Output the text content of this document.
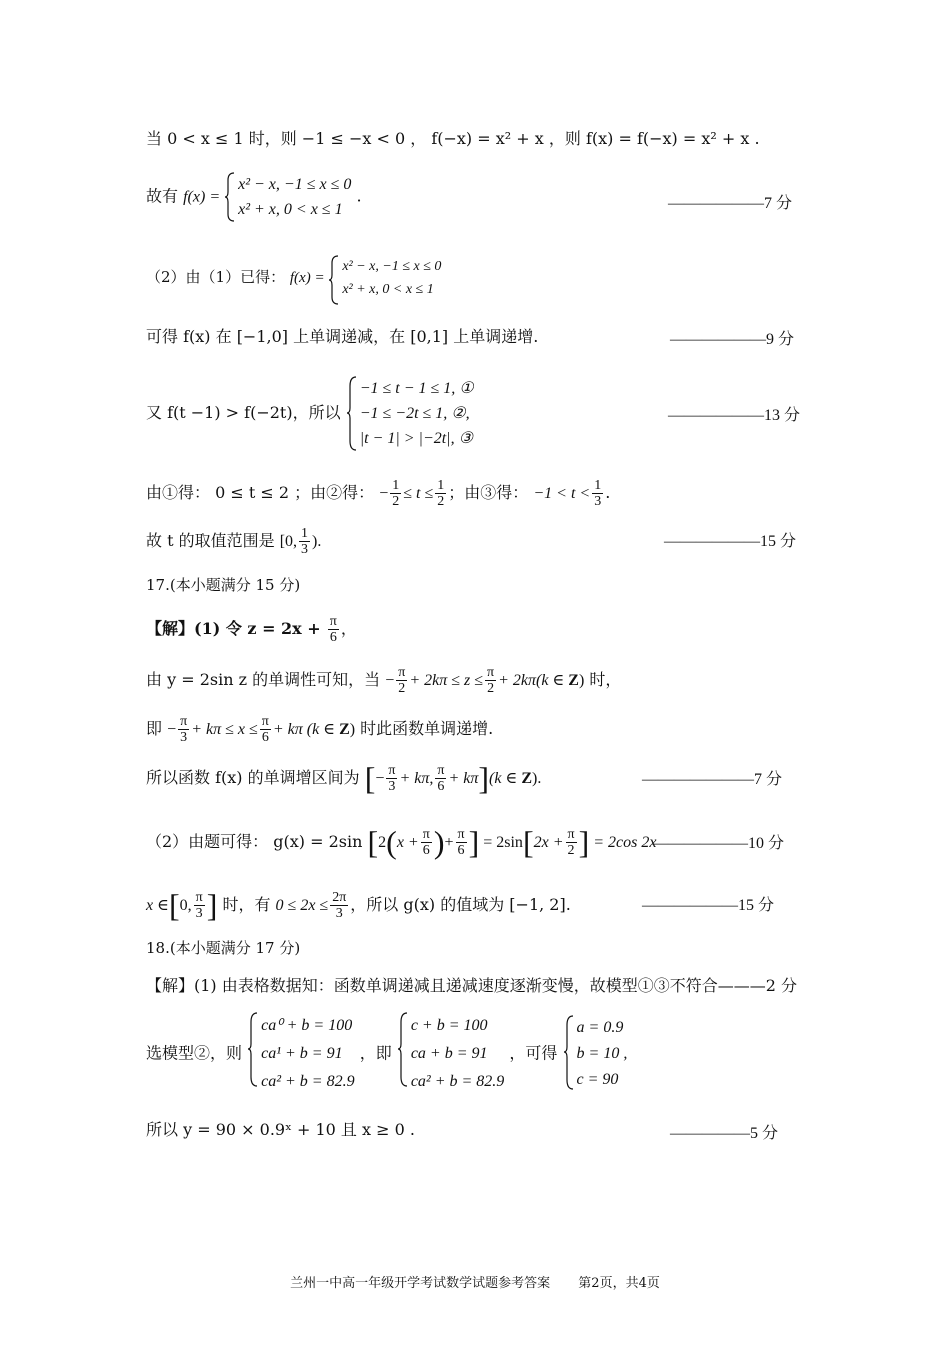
当 0 < x ≤ 1 时，则 −1 ≤ −x < 0 ， f(−x) = x² + x ，则 f(x) = f(−x) = x² + x .
故有 f(x) =
x² − x, −1 ≤ x ≤ 0
x² + x, 0 < x ≤ 1
.	——————7 分
（2）由（1）已得： f(x) =
x² − x, −1 ≤ x ≤ 0
x² + x, 0 < x ≤ 1
可得 f(x) 在 [−1,0] 上单调递减，在 [0,1] 上单调递增.	——————9 分
又 f(t −1) > f(−2t)，所以
−1 ≤ t − 1 ≤ 1, ①
−1 ≤ −2t ≤ 1, ②,
|t − 1| > |−2t|, ③
——————13 分
由①得： 0 ≤ t ≤ 2 ；由②得： − $\frac{1}{2} \le t \le \frac{1}{2}$ ；由③得： $-1 < t < \frac{1}{3}$ .
故 t 的取值范围是 [0, $\frac{1}{3}$ ).	——————15 分
17.(本小题满分 15 分)
【解】(1) 令 $z = 2x + \frac{\pi}{6}$ ，
由 y = 2sin z 的单调性可知，当 − $\frac{\pi}{2} + 2k\pi \le z \le \frac{\pi}{2} + 2k\pi(k$ ∈ Z) 时，
即 − $\frac{\pi}{3} + k\pi \le x \le \frac{\pi}{6} + k\pi$ (k ∈ Z) 时此函数单调递增.
所以函数 f(x) 的单调增区间为 [− $\frac{\pi}{3} + k\pi$, $\frac{\pi}{6} + k\pi](k$ ∈ Z).	———————7 分
（2）由题可得： g(x) = 2sin [$2(x + \frac{\pi}{6}$ )+ $\frac{\pi}{6}$ ] = $2\sin[2x + \frac{\pi}{2}$ ] = 2cos 2x
——————10 分
x ∈[0, $\frac{\pi}{3}$ ] 时，有 $0 \le 2x \le \frac{2\pi}{3}$ ，所以 g(x) 的值域为 [−1, 2].	——————15 分
18.(本小题满分 17 分)
【解】(1) 由表格数据知：函数单调递减且递减速度逐渐变慢，故模型①③不符合———2 分
选模型②，则
ca⁰ + b = 100
ca¹ + b = 91
ca² + b = 82.9
，即
c + b = 100
ca + b = 91
ca² + b = 82.9
，可得
a = 0.9
b = 10 ,
c = 90
所以 y = 90 × 0.9ˣ + 10 且 x ≥ 0 .	—————5 分
兰州一中高一年级开学考试数学试题参考答案 第2页，共4页
